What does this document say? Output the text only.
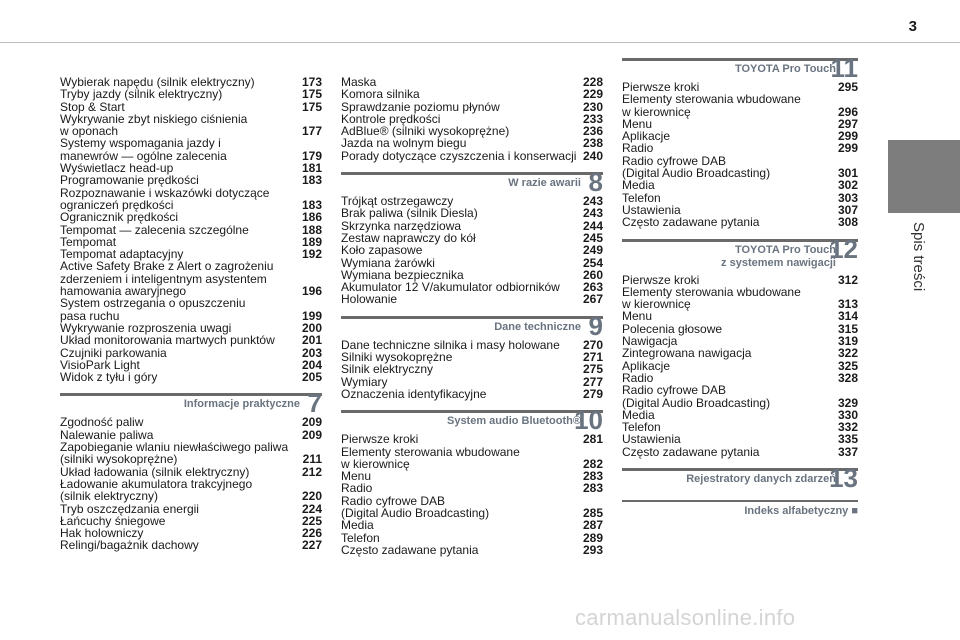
3
Spis treści
Wybierak napędu (silnik elektryczny)	173
Tryby jazdy (silnik elektryczny)	175
Stop & Start	175
Wykrywanie zbyt niskiego ciśnienia
w oponach	177
Systemy wspomagania jazdy i
manewrów — ogólne zalecenia	179
Wyświetlacz head-up	181
Programowanie prędkości	183
Rozpoznawanie i wskazówki dotyczące
ograniczeń prędkości	183
Ogranicznik prędkości	186
Tempomat — zalecenia szczególne	188
Tempomat	189
Tempomat adaptacyjny	192
Active Safety Brake z Alert o zagrożeniu
zderzeniem i inteligentnym asystentem
hamowania awaryjnego	196
System ostrzegania o opuszczeniu
pasa ruchu	199
Wykrywanie rozproszenia uwagi	200
Układ monitorowania martwych punktów	201
Czujniki parkowania	203
VisioPark Light	204
Widok z tyłu i góry	205
Informacje praktyczne 7
Zgodność paliw	209
Nalewanie paliwa	209
Zapobieganie wlaniu niewłaściwego paliwa
(silniki wysokoprężne)	211
Układ ładowania (silnik elektryczny)	212
Ładowanie akumulatora trakcyjnego
(silnik elektryczny)	220
Tryb oszczędzania energii	224
Łańcuchy śniegowe	225
Hak holowniczy	226
Relingi/bagażnik dachowy	227
Maska	228
Komora silnika	229
Sprawdzanie poziomu płynów	230
Kontrole prędkości	233
AdBlue® (silniki wysokoprężne)	236
Jazda na wolnym biegu	238
Porady dotyczące czyszczenia i konserwacji 240
W razie awarii 8
Trójkąt ostrzegawczy	243
Brak paliwa (silnik Diesla)	243
Skrzynka narzędziowa	244
Zestaw naprawczy do kół	245
Koło zapasowe	249
Wymiana żarówki	254
Wymiana bezpiecznika	260
Akumulator 12 V/akumulator odbiorników	263
Holowanie	267
Dane techniczne 9
Dane techniczne silnika i masy holowane	270
Silniki wysokoprężne	271
Silnik elektryczny	275
Wymiary	277
Oznaczenia identyfikacyjne	279
System audio Bluetooth®
10
Pierwsze kroki	281
Elementy sterowania wbudowane
w kierownicę	282
Menu	283
Radio	283
Radio cyfrowe DAB
(Digital Audio Broadcasting)	285
Media	287
Telefon	289
Często zadawane pytania	293
TOYOTA Pro Touch
11
Pierwsze kroki	295
Elementy sterowania wbudowane
w kierownicę	296
Menu	297
Aplikacje	299
Radio	299
Radio cyfrowe DAB
(Digital Audio Broadcasting)	301
Media	302
Telefon	303
Ustawienia	307
Często zadawane pytania	308
TOYOTA Pro Touch
z systemem nawigacji
12
Pierwsze kroki	312
Elementy sterowania wbudowane
w kierownicę	313
Menu	314
Polecenia głosowe	315
Nawigacja	319
Zintegrowana nawigacja	322
Aplikacje	325
Radio	328
Radio cyfrowe DAB
(Digital Audio Broadcasting)	329
Media	330
Telefon	332
Ustawienia	335
Często zadawane pytania	337
Rejestratory danych zdarzeń
13
Indeks alfabetyczny ■
carmanualsonline.info
